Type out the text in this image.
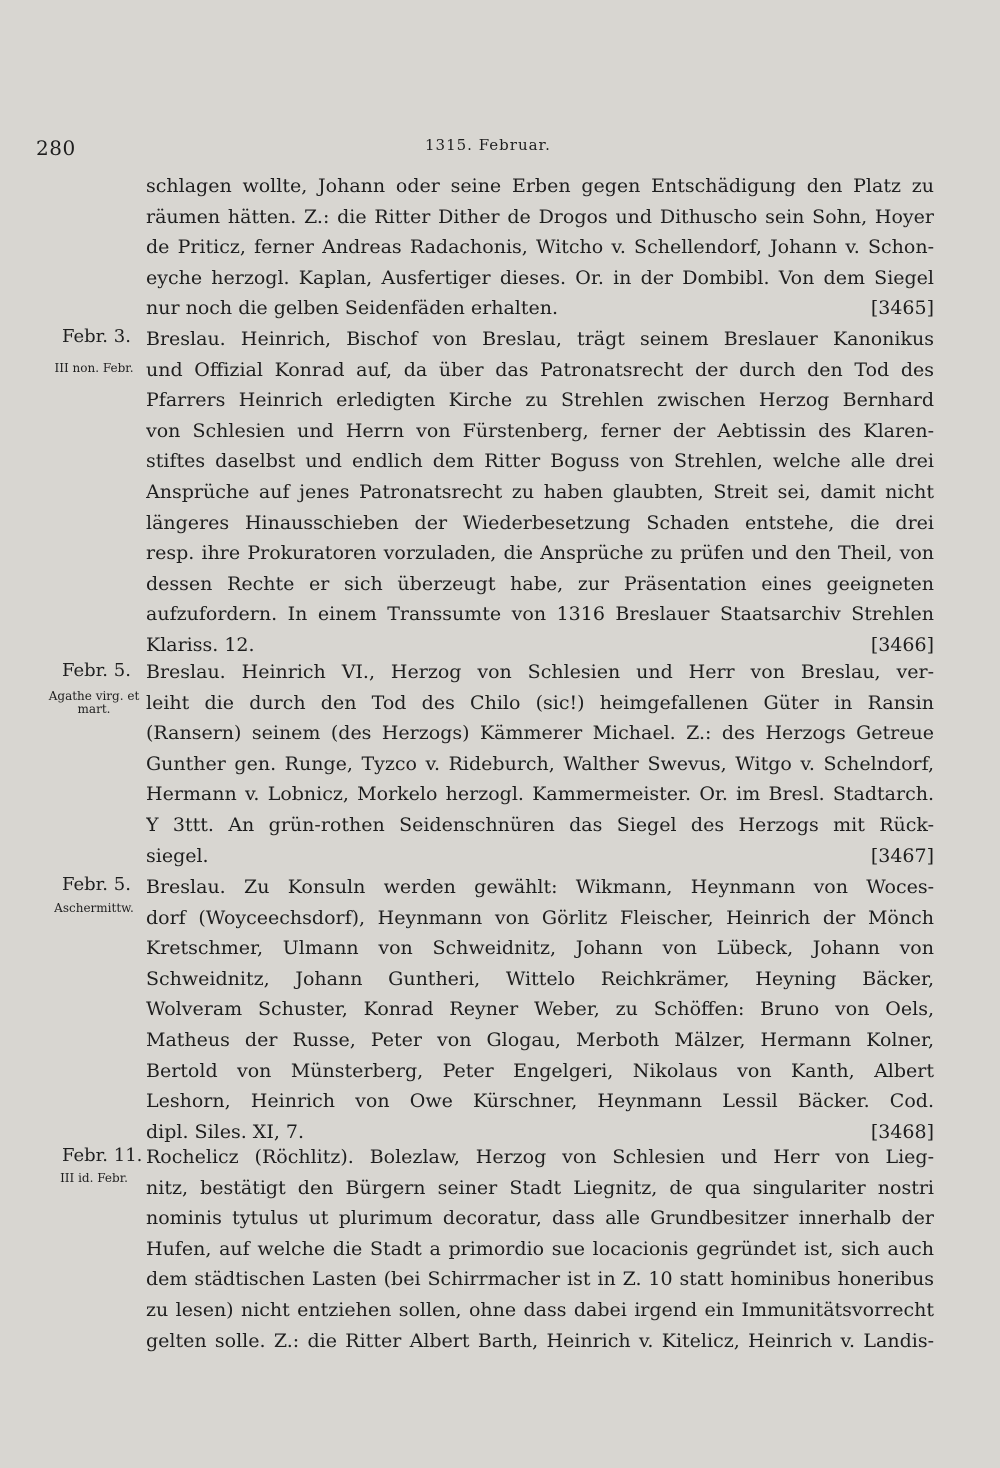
280	1315. Februar.
schlagen wollte, Johann oder seine Erben gegen Entschädigung den Platz zu
räumen hätten. Z.: die Ritter Dither de Drogos und Dithuscho sein Sohn, Hoyer
de Priticz, ferner Andreas Radachonis, Witcho v. Schellendorf, Johann v. Schon-
eyche herzogl. Kaplan, Ausfertiger dieses. Or. in der Dombibl. Von dem Siegel
nur noch die gelben Seidenfäden erhalten.	[3465]
Febr. 3.
III non. Febr.
Breslau. Heinrich, Bischof von Breslau, trägt seinem Breslauer Kanonikus
und Offizial Konrad auf, da über das Patronatsrecht der durch den Tod des
Pfarrers Heinrich erledigten Kirche zu Strehlen zwischen Herzog Bernhard
von Schlesien und Herrn von Fürstenberg, ferner der Aebtissin des Klaren-
stiftes daselbst und endlich dem Ritter Boguss von Strehlen, welche alle drei
Ansprüche auf jenes Patronatsrecht zu haben glaubten, Streit sei, damit nicht
längeres Hinausschieben der Wiederbesetzung Schaden entstehe, die drei
resp. ihre Prokuratoren vorzuladen, die Ansprüche zu prüfen und den Theil, von
dessen Rechte er sich überzeugt habe, zur Präsentation eines geeigneten
aufzufordern. In einem Transsumte von 1316 Breslauer Staatsarchiv Strehlen
Klariss. 12.	[3466]
Febr. 5.
Agathe virg. et mart.
Breslau. Heinrich VI., Herzog von Schlesien und Herr von Breslau, ver-
leiht die durch den Tod des Chilo (sic!) heimgefallenen Güter in Ransin
(Ransern) seinem (des Herzogs) Kämmerer Michael. Z.: des Herzogs Getreue
Gunther gen. Runge, Tyzco v. Rideburch, Walther Swevus, Witgo v. Schelndorf,
Hermann v. Lobnicz, Morkelo herzogl. Kammermeister. Or. im Bresl. Stadtarch.
Y 3ttt. An grün-rothen Seidenschnüren das Siegel des Herzogs mit Rück-
siegel.	[3467]
Febr. 5.
Aschermittw.
Breslau. Zu Konsuln werden gewählt: Wikmann, Heynmann von Woces-
dorf (Woyceechsdorf), Heynmann von Görlitz Fleischer, Heinrich der Mönch
Kretschmer, Ulmann von Schweidnitz, Johann von Lübeck, Johann von
Schweidnitz, Johann Guntheri, Wittelo Reichkrämer, Heyning Bäcker,
Wolveram Schuster, Konrad Reyner Weber, zu Schöffen: Bruno von Oels,
Matheus der Russe, Peter von Glogau, Merboth Mälzer, Hermann Kolner,
Bertold von Münsterberg, Peter Engelgeri, Nikolaus von Kanth, Albert
Leshorn, Heinrich von Owe Kürschner, Heynmann Lessil Bäcker. Cod.
dipl. Siles. XI, 7.	[3468]
Febr. 11.
III id. Febr.
Rochelicz (Röchlitz). Bolezlaw, Herzog von Schlesien und Herr von Lieg-
nitz, bestätigt den Bürgern seiner Stadt Liegnitz, de qua singulariter nostri
nominis tytulus ut plurimum decoratur, dass alle Grundbesitzer innerhalb der
Hufen, auf welche die Stadt a primordio sue locacionis gegründet ist, sich auch
dem städtischen Lasten (bei Schirrmacher ist in Z. 10 statt hominibus honeribus
zu lesen) nicht entziehen sollen, ohne dass dabei irgend ein Immunitätsvorrecht
gelten solle. Z.: die Ritter Albert Barth, Heinrich v. Kitelicz, Heinrich v. Landis-
